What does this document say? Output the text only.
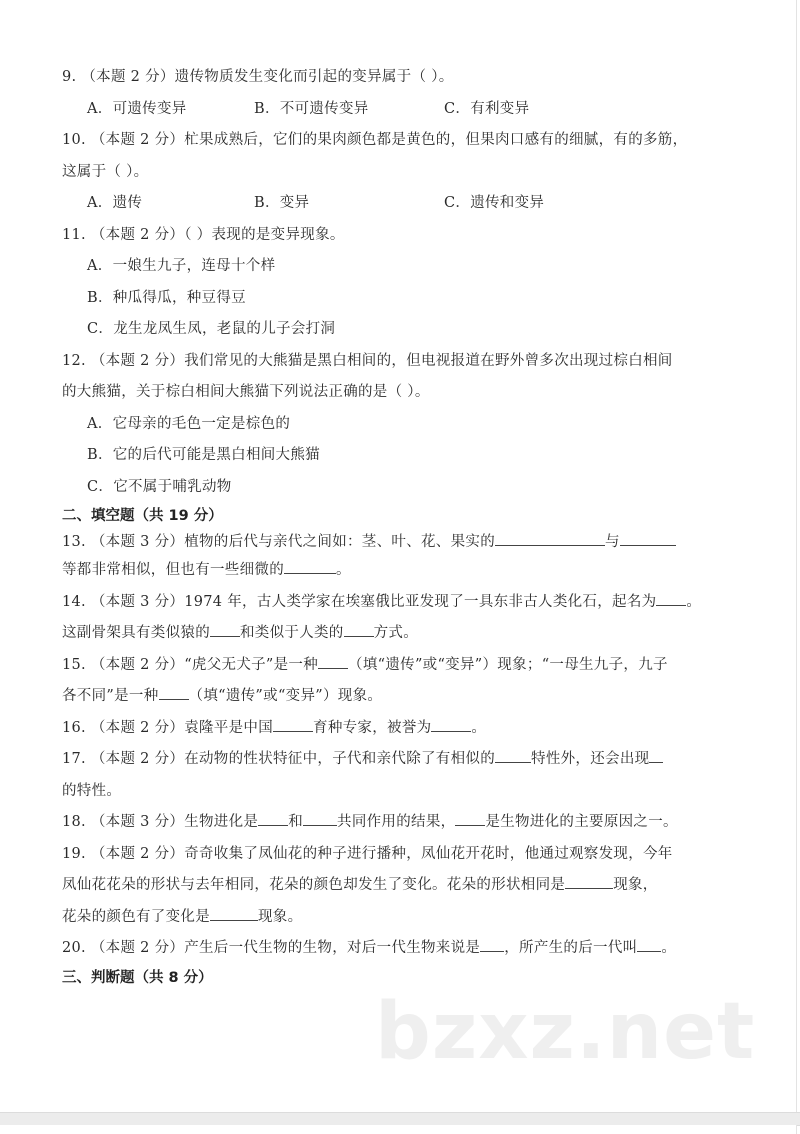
9. （本题 2 分）遗传物质发生变化而引起的变异属于（ ）。
A．可遗传变异	B．不可遗传变异	C．有利变异
10. （本题 2 分）杧果成熟后，它们的果肉颜色都是黄色的，但果肉口感有的细腻，有的多筋，
这属于（ ）。
A．遗传	B．变异	C．遗传和变异
11. （本题 2 分）（ ）表现的是变异现象。
A．一娘生九子，连母十个样
B．种瓜得瓜，种豆得豆
C．龙生龙凤生凤，老鼠的儿子会打洞
12. （本题 2 分）我们常见的大熊猫是黑白相间的，但电视报道在野外曾多次出现过棕白相间
的大熊猫，关于棕白相间大熊猫下列说法正确的是（ ）。
A．它母亲的毛色一定是棕色的
B．它的后代可能是黑白相间大熊猫
C．它不属于哺乳动物
二、填空题（共 19 分）
13. （本题 3 分）植物的后代与亲代之间如：茎、叶、花、果实的	与
等都非常相似，但也有一些细微的	。
14. （本题 3 分）1974 年，古人类学家在埃塞俄比亚发现了一具东非古人类化石，起名为 。
这副骨架具有类似猿的 和类似于人类的 方式。
15. （本题 2 分）“虎父无犬子”是一种 （填“遗传”或“变异”）现象；“一母生九子，九子
各不同”是一种 （填“遗传”或“变异”）现象。
16. （本题 2 分）袁隆平是中国	育种专家，被誉为	。
17. （本题 2 分）在动物的性状特征中，子代和亲代除了有相似的 特性外，还会出现
的特性。
18. （本题 3 分）生物进化是 和 共同作用的结果， 是生物进化的主要原因之一。
19. （本题 2 分）奇奇收集了凤仙花的种子进行播种，凤仙花开花时，他通过观察发现，今年
凤仙花花朵的形状与去年相同，花朵的颜色却发生了变化。花朵的形状相同是	现象，
花朵的颜色有了变化是	现象。
20. （本题 2 分）产生后一代生物的生物，对后一代生物来说是 ，所产生的后一代叫 。
三、判断题（共 8 分）
bzxz.net
